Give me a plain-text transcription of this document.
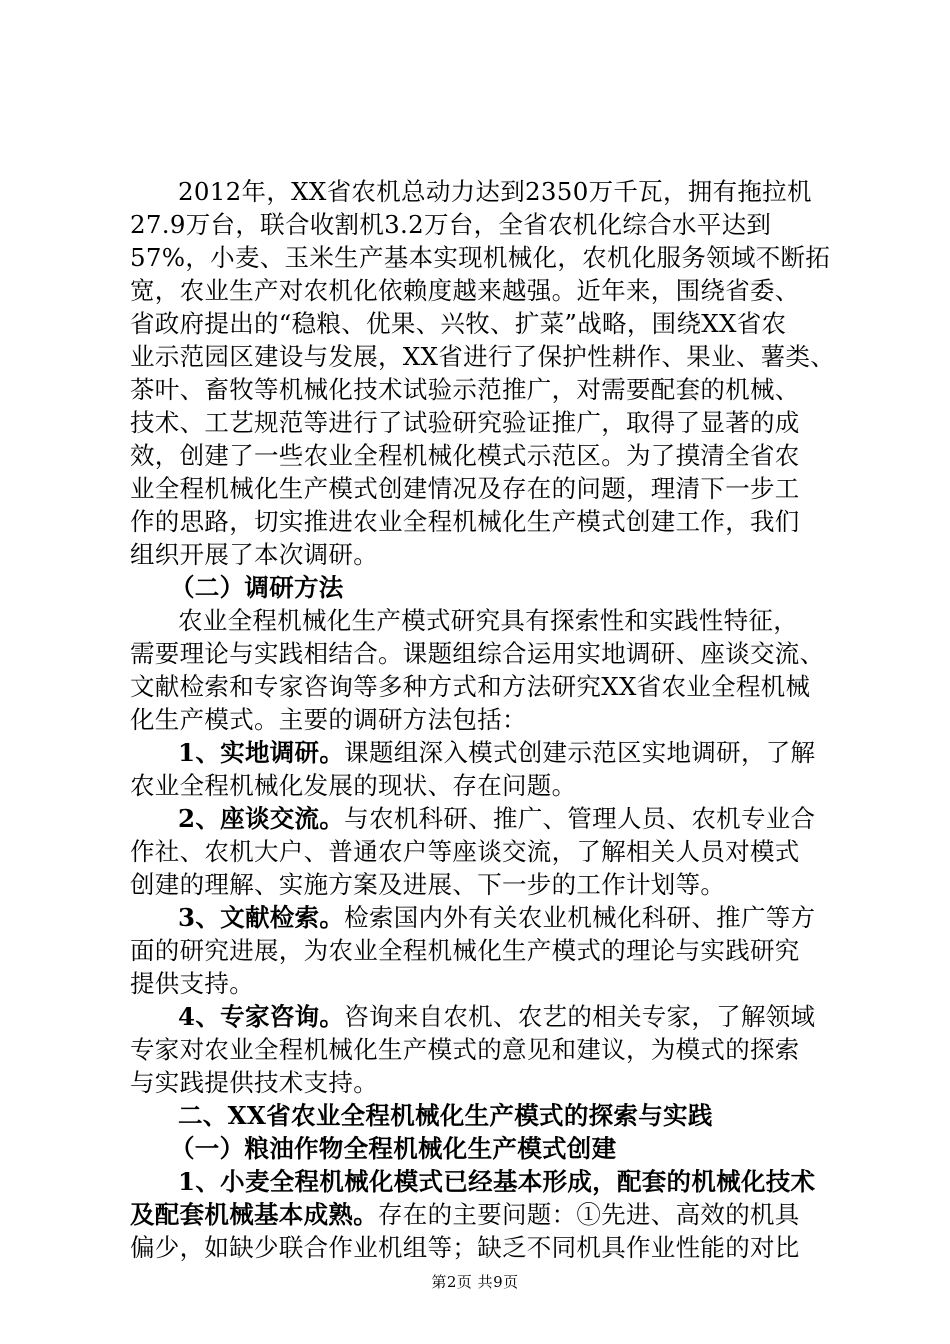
2012年，XX省农机总动力达到2350万千瓦，拥有拖拉机
27.9万台，联合收割机3.2万台，全省农机化综合水平达到
57%，小麦、玉米生产基本实现机械化，农机化服务领域不断拓
宽，农业生产对农机化依赖度越来越强。近年来，围绕省委、
省政府提出的“稳粮、优果、兴牧、扩菜”战略，围绕XX省农
业示范园区建设与发展，XX省进行了保护性耕作、果业、薯类、
茶叶、畜牧等机械化技术试验示范推广，对需要配套的机械、
技术、工艺规范等进行了试验研究验证推广，取得了显著的成
效，创建了一些农业全程机械化模式示范区。为了摸清全省农
业全程机械化生产模式创建情况及存在的问题，理清下一步工
作的思路，切实推进农业全程机械化生产模式创建工作，我们
组织开展了本次调研。
（二）调研方法
农业全程机械化生产模式研究具有探索性和实践性特征，
需要理论与实践相结合。课题组综合运用实地调研、座谈交流、
文献检索和专家咨询等多种方式和方法研究XX省农业全程机械
化生产模式。主要的调研方法包括：
1、实地调研。课题组深入模式创建示范区实地调研，了解
农业全程机械化发展的现状、存在问题。
2、座谈交流。与农机科研、推广、管理人员、农机专业合
作社、农机大户、普通农户等座谈交流，了解相关人员对模式
创建的理解、实施方案及进展、下一步的工作计划等。
3、文献检索。检索国内外有关农业机械化科研、推广等方
面的研究进展，为农业全程机械化生产模式的理论与实践研究
提供支持。
4、专家咨询。咨询来自农机、农艺的相关专家，了解领域
专家对农业全程机械化生产模式的意见和建议，为模式的探索
与实践提供技术支持。
二、XX省农业全程机械化生产模式的探索与实践
（一）粮油作物全程机械化生产模式创建
1、小麦全程机械化模式已经基本形成，配套的机械化技术
及配套机械基本成熟。存在的主要问题：①先进、高效的机具
偏少，如缺少联合作业机组等；缺乏不同机具作业性能的对比
第2页 共9页
